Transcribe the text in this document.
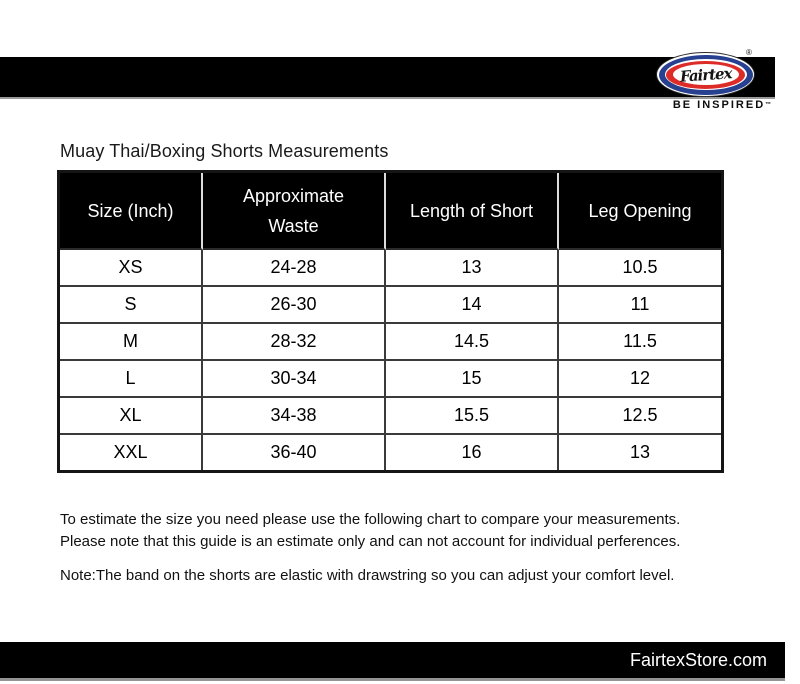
Fairtex
®
BE INSPIRED™
Muay Thai/Boxing Shorts Measurements
Size (Inch)	Approximate Waste	Length of Short	Leg Opening
XS	24-28	13	10.5
S	26-30	14	11
M	28-32	14.5	11.5
L	30-34	15	12
XL	34-38	15.5	12.5
XXL	36-40	16	13
To estimate the size you need please use the following chart to compare your measurements.
Please note that this guide is an estimate only and can not account for individual perferences.
Note:The band on the shorts are elastic with drawstring so you can adjust your comfort level.
FairtexStore.com
